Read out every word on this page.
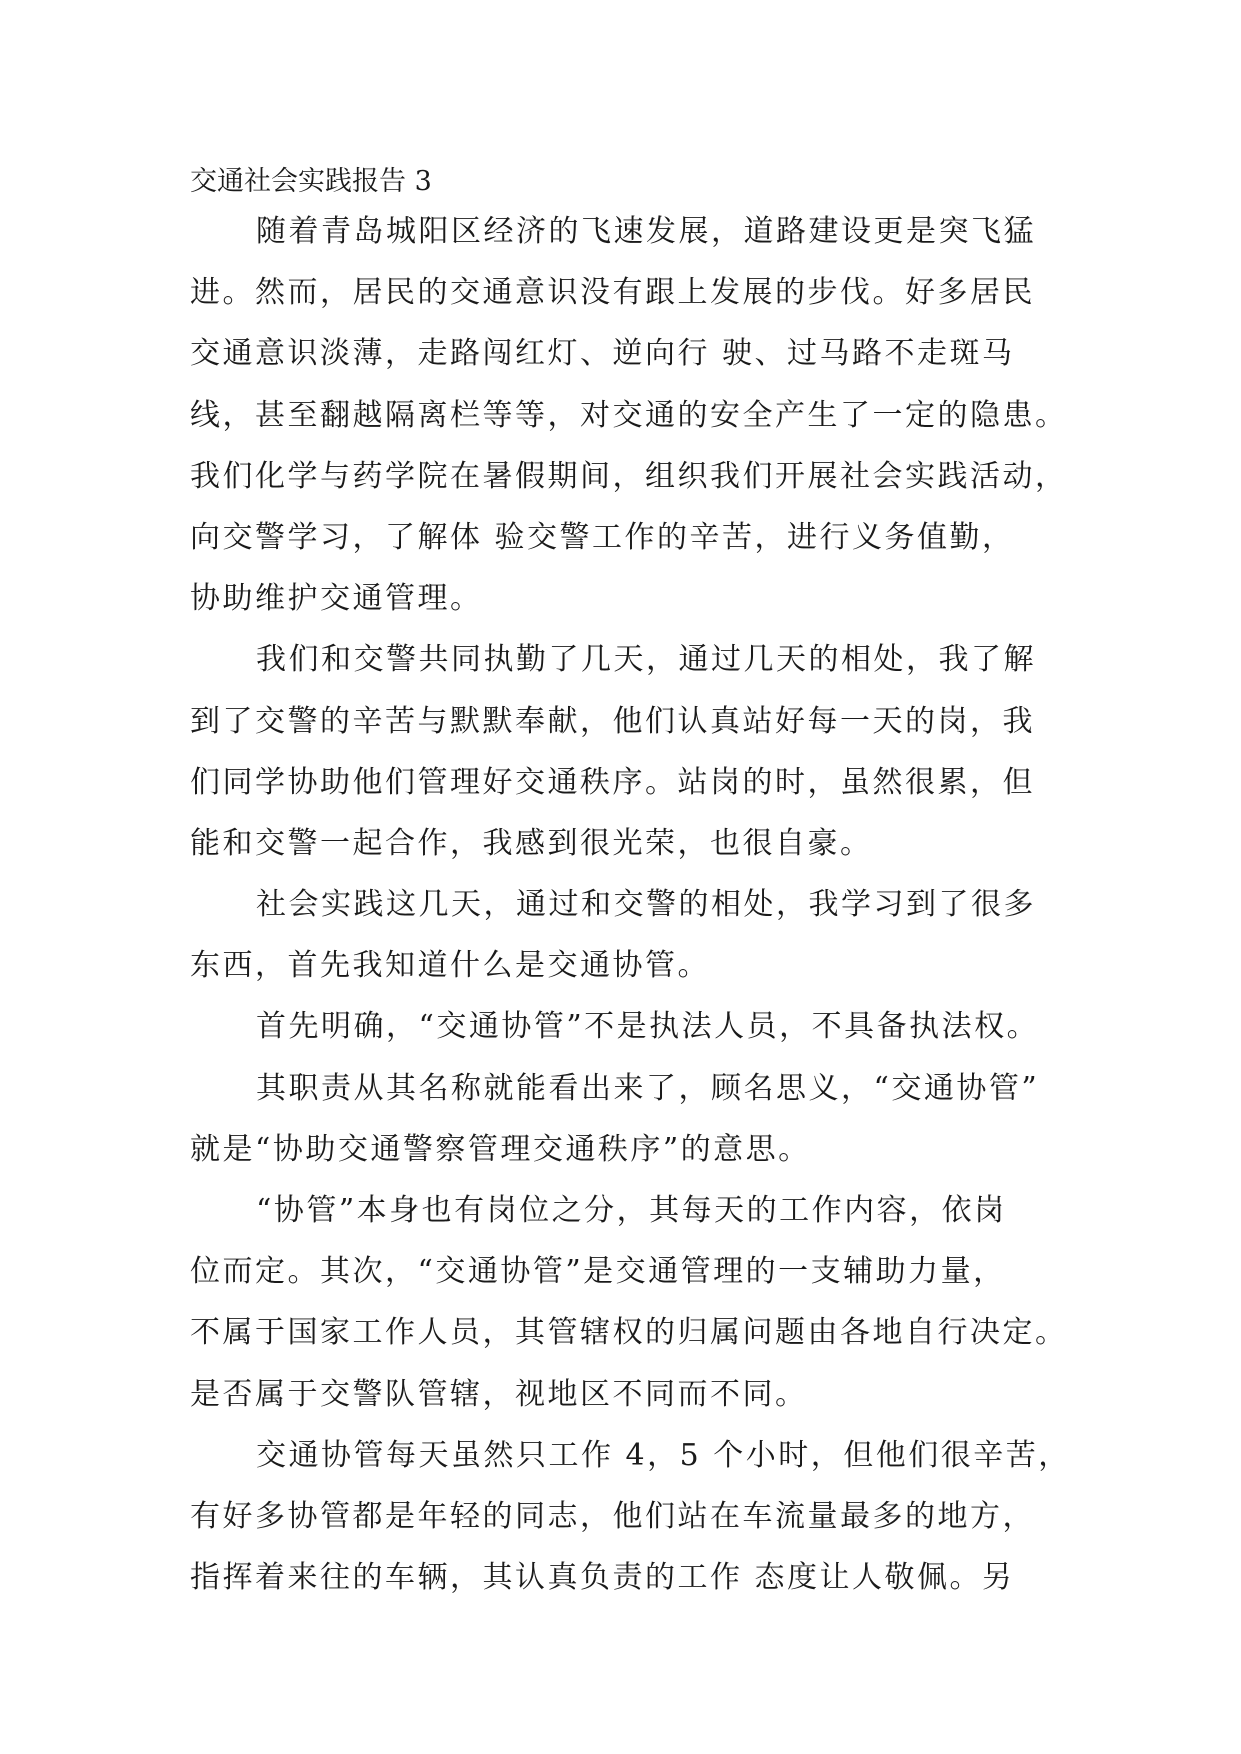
交通社会实践报告 3
随着青岛城阳区经济的飞速发展，道路建设更是突飞猛
进。然而，居民的交通意识没有跟上发展的步伐。好多居民
交通意识淡薄，走路闯红灯、逆向行 驶、过马路不走斑马
线，甚至翻越隔离栏等等，对交通的安全产生了一定的隐患。
我们化学与药学院在暑假期间，组织我们开展社会实践活动，
向交警学习，了解体 验交警工作的辛苦，进行义务值勤，
协助维护交通管理。
我们和交警共同执勤了几天，通过几天的相处，我了解
到了交警的辛苦与默默奉献，他们认真站好每一天的岗，我
们同学协助他们管理好交通秩序。站岗的时，虽然很累，但
能和交警一起合作，我感到很光荣，也很自豪。
社会实践这几天，通过和交警的相处，我学习到了很多
东西，首先我知道什么是交通协管。
首先明确，“交通协管”不是执法人员，不具备执法权。
其职责从其名称就能看出来了，顾名思义，“交通协管”
就是“协助交通警察管理交通秩序”的意思。
“协管”本身也有岗位之分，其每天的工作内容，依岗
位而定。其次，“交通协管”是交通管理的一支辅助力量，
不属于国家工作人员，其管辖权的归属问题由各地自行决定。
是否属于交警队管辖，视地区不同而不同。
交通协管每天虽然只工作 4，5 个小时，但他们很辛苦，
有好多协管都是年轻的同志，他们站在车流量最多的地方，
指挥着来往的车辆，其认真负责的工作 态度让人敬佩。另
